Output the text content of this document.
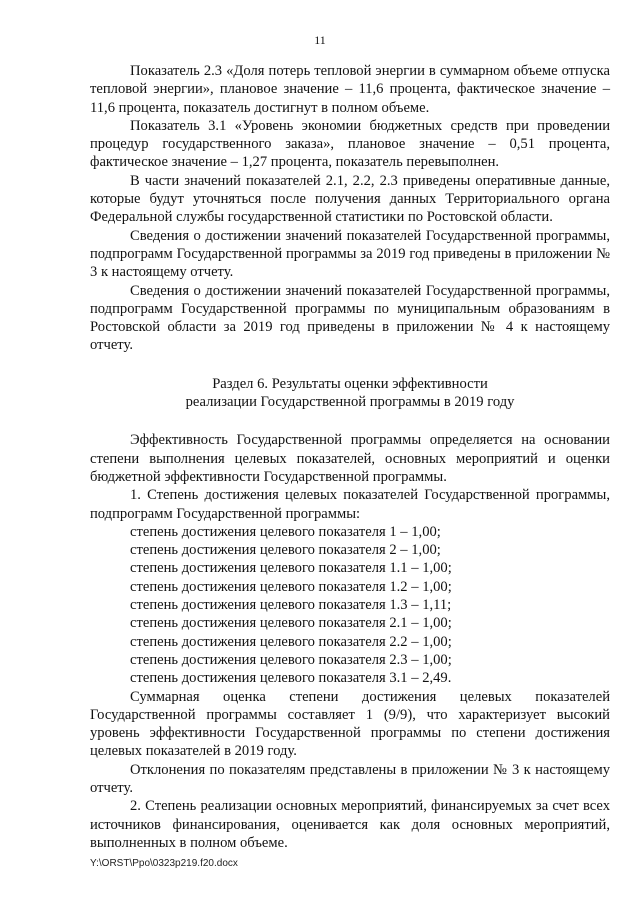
11

Показатель 2.3 «Доля потерь тепловой энергии в суммарном объеме отпуска тепловой энергии», плановое значение – 11,6 процента, фактическое значение – 11,6 процента, показатель достигнут в полном объеме.

Показатель 3.1 «Уровень экономии бюджетных средств при проведении процедур государственного заказа», плановое значение – 0,51 процента, фактическое значение – 1,27 процента, показатель перевыполнен.

В части значений показателей 2.1, 2.2, 2.3 приведены оперативные данные, которые будут уточняться после получения данных Территориального органа Федеральной службы государственной статистики по Ростовской области.

Сведения о достижении значений показателей Государственной программы, подпрограмм Государственной программы за 2019 год приведены в приложении № 3 к настоящему отчету.

Сведения о достижении значений показателей Государственной программы, подпрограмм Государственной программы по муниципальным образованиям в Ростовской области за 2019 год приведены в приложении № 4 к настоящему отчету.

Раздел 6. Результаты оценки эффективности
реализации Государственной программы в 2019 году

Эффективность Государственной программы определяется на основании степени выполнения целевых показателей, основных мероприятий и оценки бюджетной эффективности Государственной программы.

1. Степень достижения целевых показателей Государственной программы, подпрограмм Государственной программы:

степень достижения целевого показателя 1 – 1,00;
степень достижения целевого показателя 2 – 1,00;
степень достижения целевого показателя 1.1 – 1,00;
степень достижения целевого показателя 1.2 – 1,00;
степень достижения целевого показателя 1.3 – 1,11;
степень достижения целевого показателя 2.1 – 1,00;
степень достижения целевого показателя 2.2 – 1,00;
степень достижения целевого показателя 2.3 – 1,00;
степень достижения целевого показателя 3.1 – 2,49.

Суммарная оценка степени достижения целевых показателей Государственной программы составляет 1 (9/9), что характеризует высокий уровень эффективности Государственной программы по степени достижения целевых показателей в 2019 году.

Отклонения по показателям представлены в приложении № 3 к настоящему отчету.

2. Степень реализации основных мероприятий, финансируемых за счет всех источников финансирования, оценивается как доля основных мероприятий, выполненных в полном объеме.

Y:\ORST\Ppo\0323p219.f20.docx
